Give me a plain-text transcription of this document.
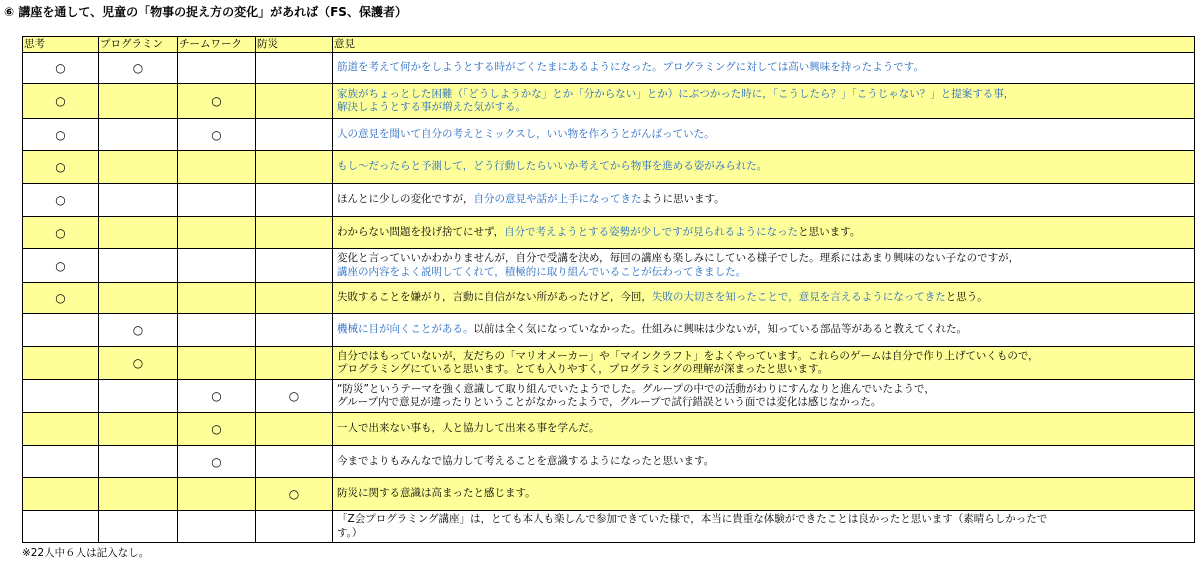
⑥ 講座を通して、児童の「物事の捉え方の変化」があれば（FS、保護者）
思考	プログラミン	チームワーク	防災	意見
○	○			筋道を考えて何かをしようとする時がごくたまにあるようになった。プログラミングに対しては高い興味を持ったようです。
○		○		家族がちょっとした困難（「どうしようかな」とか「分からない」とか）にぶつかった時に，「こうしたら？」「こうじゃない？」と提案する事，
解決しようとする事が増えた気がする。
○		○		人の意見を聞いて自分の考えとミックスし，いい物を作ろうとがんばっていた。
○				もし～だったらと予測して，どう行動したらいいか考えてから物事を進める姿がみられた。
○				ほんとに少しの変化ですが，自分の意見や話が上手になってきたように思います。
○				わからない問題を投げ捨てにせず，自分で考えようとする姿勢が少しですが見られるようになったと思います。
○				変化と言っていいかわかりませんが，自分で受講を決め，毎回の講座も楽しみにしている様子でした。理系にはあまり興味のない子なのですが，
講座の内容をよく説明してくれて，積極的に取り組んでいることが伝わってきました。
○				失敗することを嫌がり，言動に自信がない所があったけど，今回，失敗の大切さを知ったことで，意見を言えるようになってきたと思う。
	○			機械に目が向くことがある。以前は全く気になっていなかった。仕組みに興味は少ないが，知っている部品等があると教えてくれた。
	○			自分ではもっていないが，友だちの「マリオメーカー」や「マインクラフト」をよくやっています。これらのゲームは自分で作り上げていくもので，
プログラミングにていると思います。とても入りやすく，プログラミングの理解が深まったと思います。
		○	○	“防災”というテーマを強く意識して取り組んでいたようでした。グループの中での活動がわりにすんなりと進んでいたようで，
グループ内で意見が違ったりということがなかったようで，グループで試行錯誤という面では変化は感じなかった。
		○		一人で出来ない事も，人と協力して出来る事を学んだ。
		○		今までよりもみんなで協力して考えることを意識するようになったと思います。
			○	防災に関する意識は高まったと感じます。
				「Z会プログラミング講座」は，とても本人も楽しんで参加できていた様で，本当に貴重な体験ができたことは良かったと思います（素晴らしかったで
す。）
※22人中６人は記入なし。
